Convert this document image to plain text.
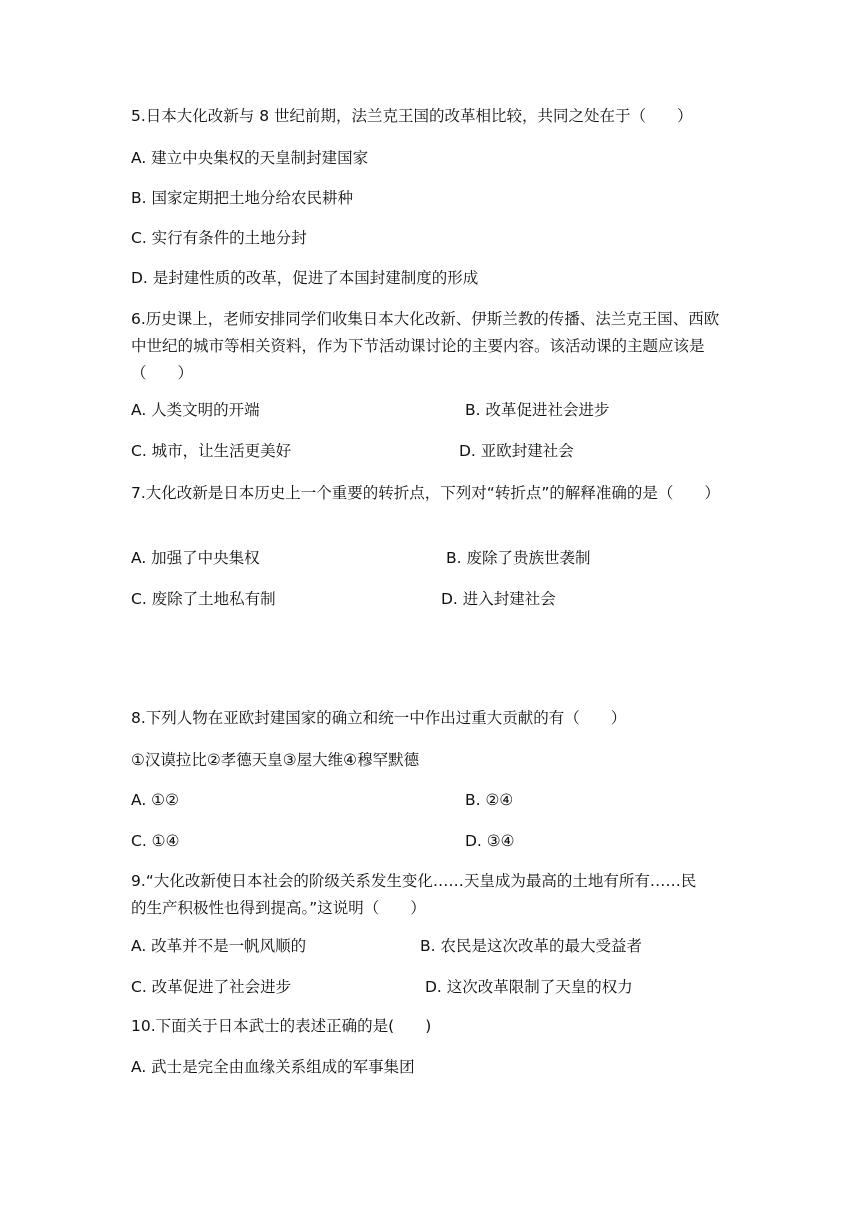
5.日本大化改新与 8 世纪前期，法兰克王国的改革相比较，共同之处在于（　　）
A. 建立中央集权的天皇制封建国家
B. 国家定期把土地分给农民耕种
C. 实行有条件的土地分封
D. 是封建性质的改革，促进了本国封建制度的形成
6.历史课上，老师安排同学们收集日本大化改新、伊斯兰教的传播、法兰克王国、西欧中世纪的城市等相关资料，作为下节活动课讨论的主要内容。该活动课的主题应该是（　　）
A. 人类文明的开端	B. 改革促进社会进步
C. 城市，让生活更美好	D. 亚欧封建社会
7.大化改新是日本历史上一个重要的转折点，下列对“转折点”的解释准确的是（　　）
A. 加强了中央集权	B. 废除了贵族世袭制
C. 废除了土地私有制	D. 进入封建社会
8.下列人物在亚欧封建国家的确立和统一中作出过重大贡献的有（　　）
①汉谟拉比②孝德天皇③屋大维④穆罕默德
A. ①②	B. ②④
C. ①④	D. ③④
9.“大化改新使日本社会的阶级关系发生变化……天皇成为最高的土地有所有……民的生产积极性也得到提高。”这说明（　　）
A. 改革并不是一帆风顺的	B. 农民是这次改革的最大受益者
C. 改革促进了社会进步	D. 这次改革限制了天皇的权力
10.下面关于日本武士的表述正确的是(　　)
A. 武士是完全由血缘关系组成的军事集团
